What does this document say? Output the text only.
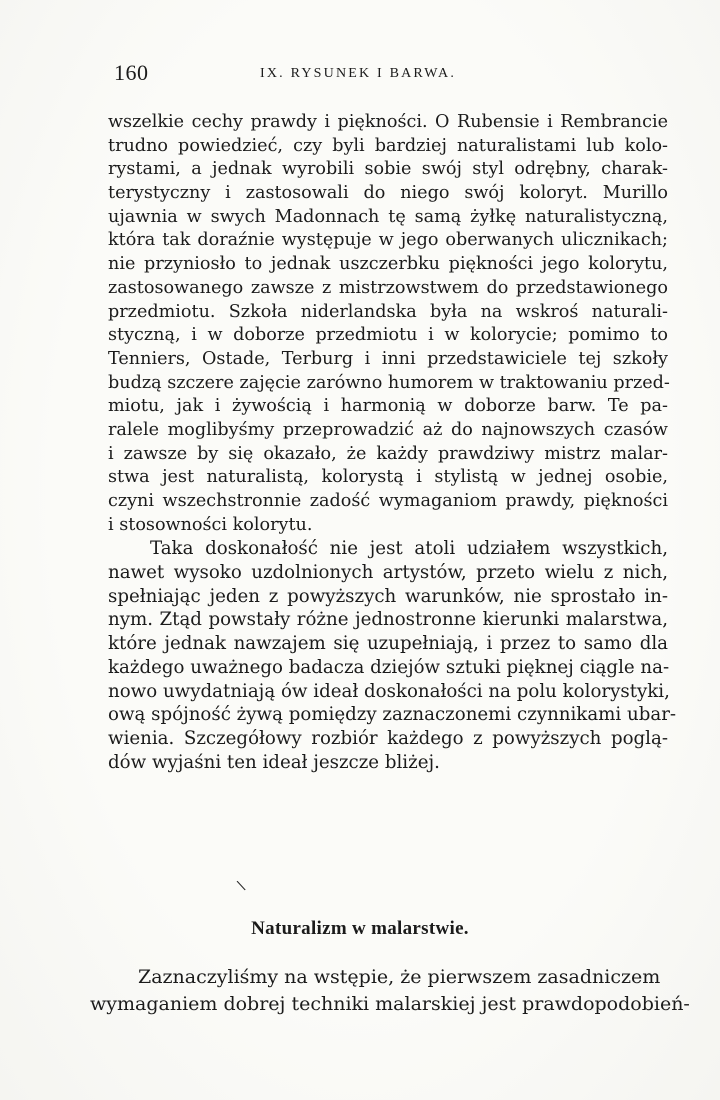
160	IX. RYSUNEK I BARWA.
wszelkie cechy prawdy i piękności. O Rubensie i Rembrancie
trudno powiedzieć, czy byli bardziej naturalistami lub kolo-
rystami, a jednak wyrobili sobie swój styl odrębny, charak-
terystyczny i zastosowali do niego swój koloryt. Murillo
ujawnia w swych Madonnach tę samą żyłkę naturalistyczną,
która tak doraźnie występuje w jego oberwanych ulicznikach;
nie przyniosło to jednak uszczerbku piękności jego kolorytu,
zastosowanego zawsze z mistrzowstwem do przedstawionego
przedmiotu. Szkoła niderlandska była na wskroś naturali-
styczną, i w doborze przedmiotu i w kolorycie; pomimo to
Tenniers, Ostade, Terburg i inni przedstawiciele tej szkoły
budzą szczere zajęcie zarówno humorem w traktowaniu przed-
miotu, jak i żywością i harmonią w doborze barw. Te pa-
ralele moglibyśmy przeprowadzić aż do najnowszych czasów
i zawsze by się okazało, że każdy prawdziwy mistrz malar-
stwa jest naturalistą, kolorystą i stylistą w jednej osobie,
czyni wszechstronnie zadość wymaganiom prawdy, piękności
i stosowności kolorytu.
Taka doskonałość nie jest atoli udziałem wszystkich,
nawet wysoko uzdolnionych artystów, przeto wielu z nich,
spełniając jeden z powyższych warunków, nie sprostało in-
nym. Ztąd powstały różne jednostronne kierunki malarstwa,
które jednak nawzajem się uzupełniają, i przez to samo dla
każdego uważnego badacza dziejów sztuki pięknej ciągle na-
nowo uwydatniają ów ideał doskonałości na polu kolorystyki,
ową spójność żywą pomiędzy zaznaczonemi czynnikami ubar-
wienia. Szczegółowy rozbiór każdego z powyższych poglą-
dów wyjaśni ten ideał jeszcze bliżej.
\
Naturalizm w malarstwie.
Zaznaczyliśmy na wstępie, że pierwszem zasadniczem
wymaganiem dobrej techniki malarskiej jest prawdopodobień-
